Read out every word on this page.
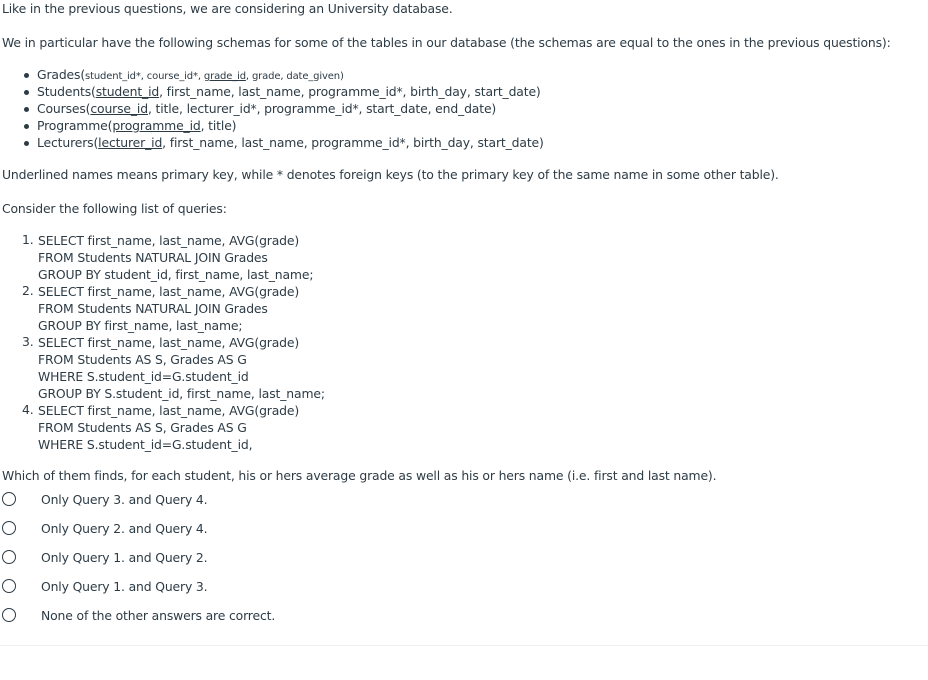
Like in the previous questions, we are considering an University database.

We in particular have the following schemas for some of the tables in our database (the schemas are equal to the ones in the previous questions):

Grades(student_id*, course_id*, grade_id, grade, date_given)
Students(student_id, first_name, last_name, programme_id*, birth_day, start_date)
Courses(course_id, title, lecturer_id*, programme_id*, start_date, end_date)
Programme(programme_id, title)
Lecturers(lecturer_id, first_name, last_name, programme_id*, birth_day, start_date)

Underlined names means primary key, while * denotes foreign keys (to the primary key of the same name in some other table).

Consider the following list of queries:

1. SELECT first_name, last_name, AVG(grade)
FROM Students NATURAL JOIN Grades
GROUP BY student_id, first_name, last_name;
2. SELECT first_name, last_name, AVG(grade)
FROM Students NATURAL JOIN Grades
GROUP BY first_name, last_name;
3. SELECT first_name, last_name, AVG(grade)
FROM Students AS S, Grades AS G
WHERE S.student_id=G.student_id
GROUP BY S.student_id, first_name, last_name;
4. SELECT first_name, last_name, AVG(grade)
FROM Students AS S, Grades AS G
WHERE S.student_id=G.student_id,

Which of them finds, for each student, his or hers average grade as well as his or hers name (i.e. first and last name).

Only Query 3. and Query 4.
Only Query 2. and Query 4.
Only Query 1. and Query 2.
Only Query 1. and Query 3.
None of the other answers are correct.
